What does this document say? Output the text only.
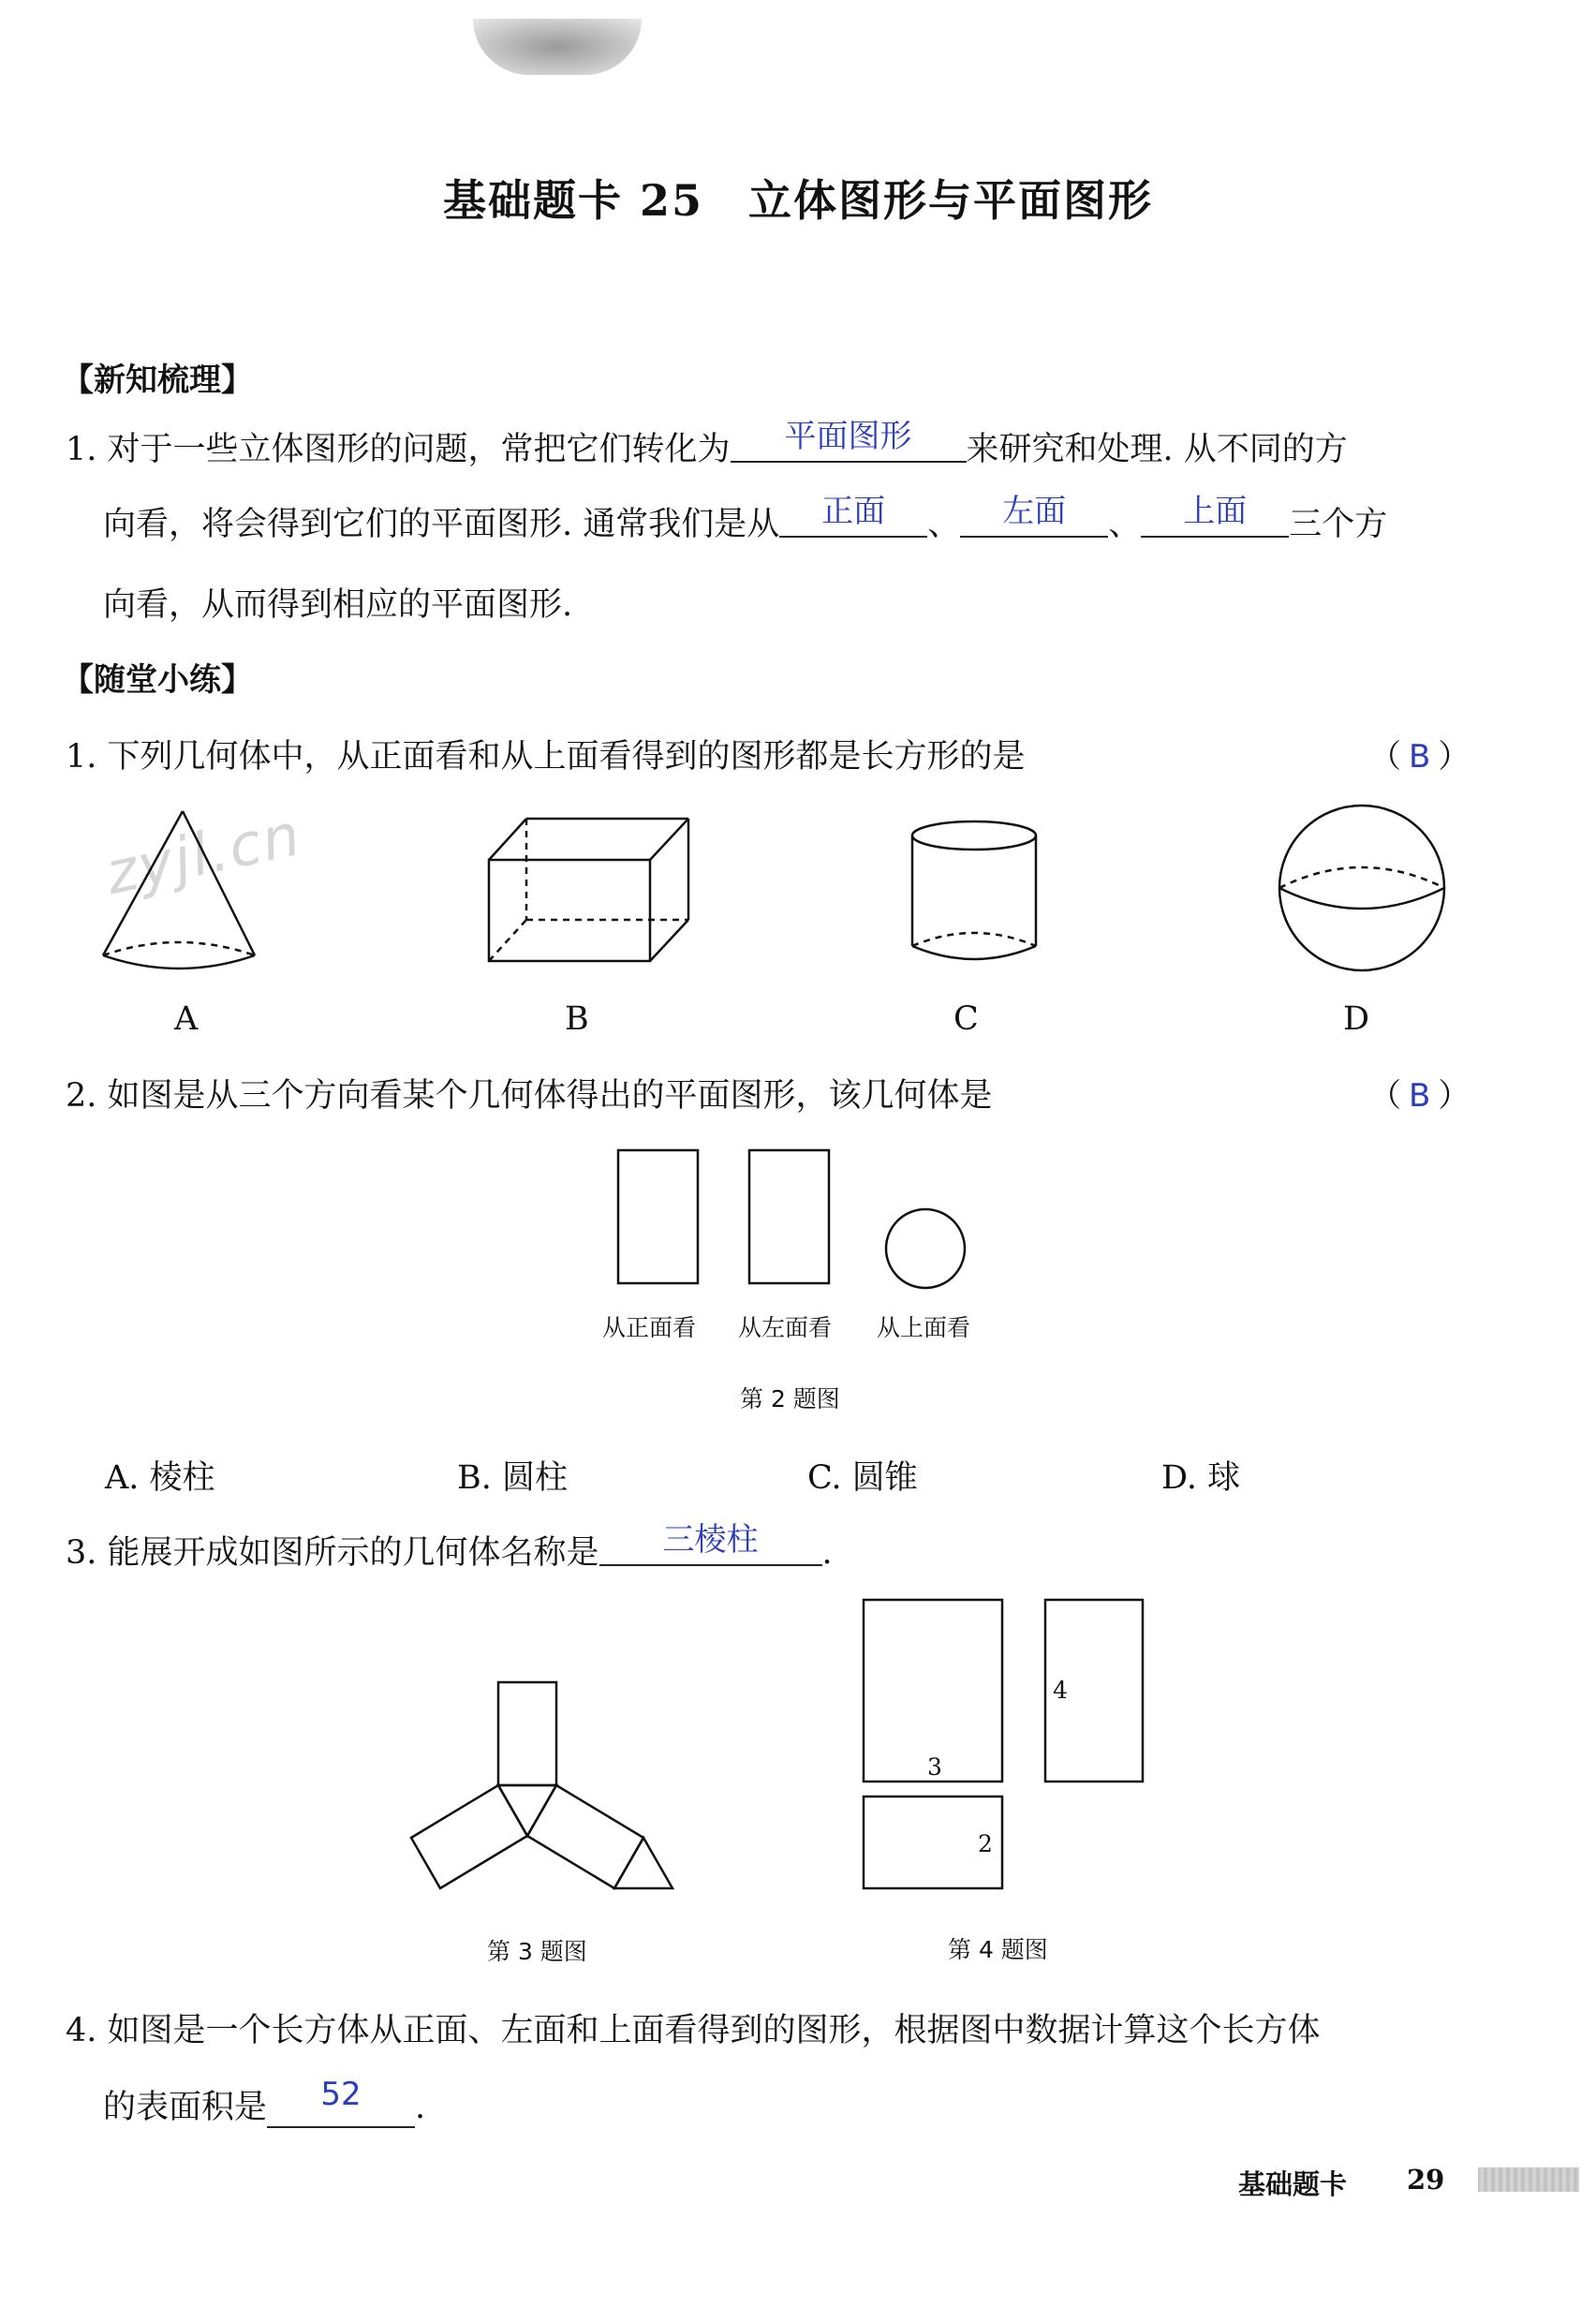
基础题卡 25　立体图形与平面图形
zyjl.cn
【新知梳理】
1. 对于一些立体图形的问题，常把它们转化为 平面图形 来研究和处理. 从不同的方
向看，将会得到它们的平面图形. 通常我们是从 正面 、 左面 、 上面 三个方
向看，从而得到相应的平面图形.
【随堂小练】
1. 下列几何体中，从正面看和从上面看得到的图形都是长方形的是	（ B ）
A	B	C	D
2. 如图是从三个方向看某个几何体得出的平面图形，该几何体是	（ B ）
从正面看 从左面看 从上面看
第 2 题图
A. 棱柱	B. 圆柱	C. 圆锥	D. 球
3. 能展开成如图所示的几何体名称是 三棱柱 .
3
4
2
第 3 题图	第 4 题图
4. 如图是一个长方体从正面、左面和上面看得到的图形，根据图中数据计算这个长方体
的表面积是 52 .
基础题卡 29
